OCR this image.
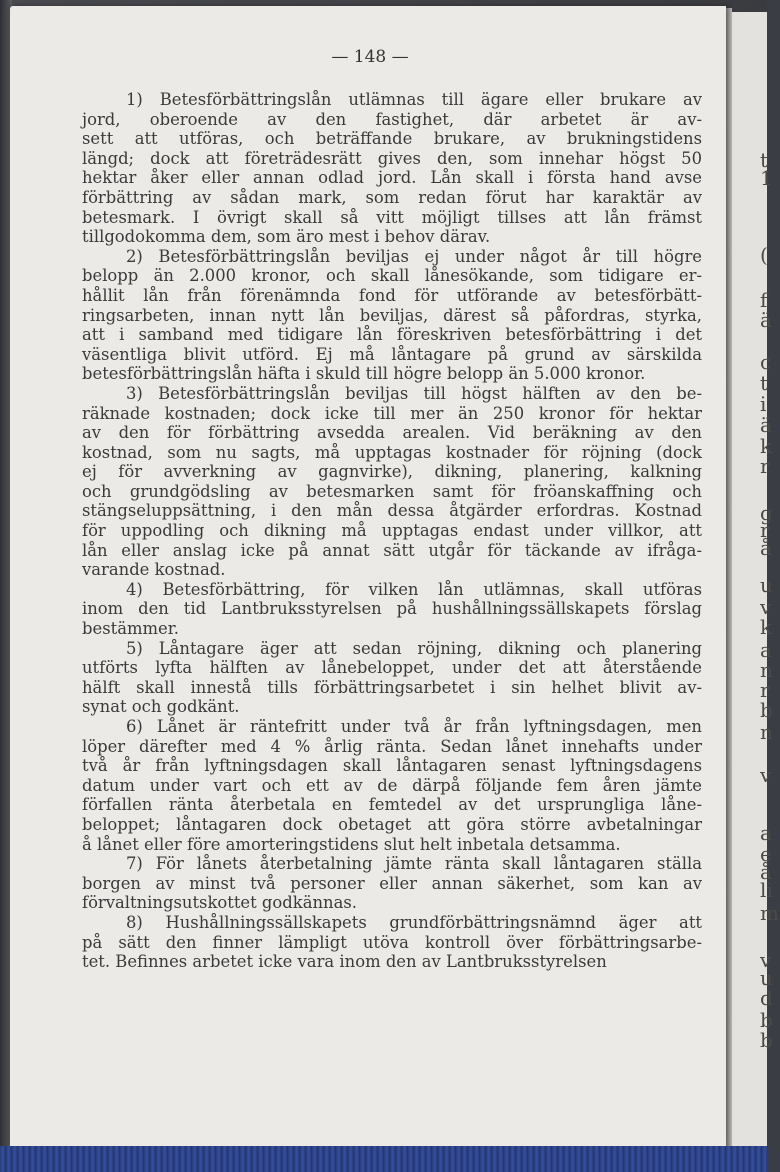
t
1
(
f
ä
c
t
i
ä
k
r
g
r
å
u
v
k
a
n
r
b
n
v
a
e
å
li
m
v
u
d
b
b
— 148 —
1) Betesförbättringslån utlämnas till ägare eller brukare av
jord, oberoende av den fastighet, där arbetet är av-
sett att utföras, och beträffande brukare, av brukningstidens
längd; dock att företrädesrätt gives den, som innehar högst 50
hektar åker eller annan odlad jord. Lån skall i första hand avse
förbättring av sådan mark, som redan förut har karaktär av
betesmark. I övrigt skall så vitt möjligt tillses att lån främst
tillgodokomma dem, som äro mest i behov därav.
2) Betesförbättringslån beviljas ej under något år till högre
belopp än 2.000 kronor, och skall lånesökande, som tidigare er-
hållit lån från förenämnda fond för utförande av betesförbätt-
ringsarbeten, innan nytt lån beviljas, därest så påfordras, styrka,
att i samband med tidigare lån föreskriven betesförbättring i det
väsentliga blivit utförd. Ej må låntagare på grund av särskilda
betesförbättringslån häfta i skuld till högre belopp än 5.000 kronor.
3) Betesförbättringslån beviljas till högst hälften av den be-
räknade kostnaden; dock icke till mer än 250 kronor för hektar
av den för förbättring avsedda arealen. Vid beräkning av den
kostnad, som nu sagts, må upptagas kostnader för röjning (dock
ej för avverkning av gagnvirke), dikning, planering, kalkning
och grundgödsling av betesmarken samt för fröanskaffning och
stängseluppsättning, i den mån dessa åtgärder erfordras. Kostnad
för uppodling och dikning må upptagas endast under villkor, att
lån eller anslag icke på annat sätt utgår för täckande av ifråga-
varande kostnad.
4) Betesförbättring, för vilken lån utlämnas, skall utföras
inom den tid Lantbruksstyrelsen på hushållningssällskapets förslag
bestämmer.
5) Låntagare äger att sedan röjning, dikning och planering
utförts lyfta hälften av lånebeloppet, under det att återstående
hälft skall innestå tills förbättringsarbetet i sin helhet blivit av-
synat och godkänt.
6) Lånet är räntefritt under två år från lyftningsdagen, men
löper därefter med 4 % årlig ränta. Sedan lånet innehafts under
två år från lyftningsdagen skall låntagaren senast lyftningsdagens
datum under vart och ett av de därpå följande fem åren jämte
förfallen ränta återbetala en femtedel av det ursprungliga låne-
beloppet; låntagaren dock obetaget att göra större avbetalningar
å lånet eller före amorteringstidens slut helt inbetala detsamma.
7) För lånets återbetalning jämte ränta skall låntagaren ställa
borgen av minst två personer eller annan säkerhet, som kan av
förvaltningsutskottet godkännas.
8) Hushållningssällskapets grundförbättringsnämnd äger att
på sätt den finner lämpligt utöva kontroll över förbättringsarbe-
tet. Befinnes arbetet icke vara inom den av Lantbruksstyrelsen
